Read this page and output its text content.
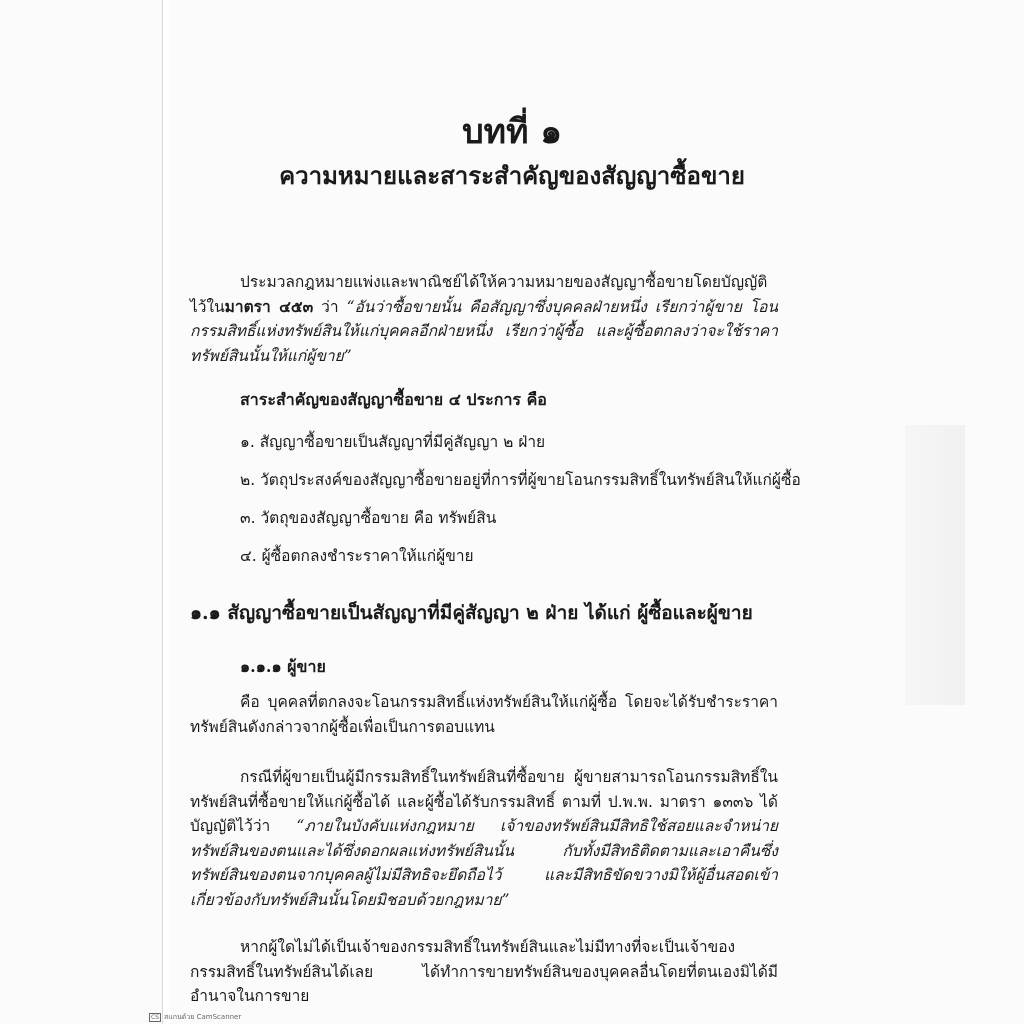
บทที่ ๑
ความหมายและสาระสำคัญของสัญญาซื้อขาย

ประมวลกฎหมายแพ่งและพาณิชย์ได้ให้ความหมายของสัญญาซื้อขายโดยบัญญัติไว้ในมาตรา ๔๕๓ ว่า “อันว่าซื้อขายนั้น คือสัญญาซึ่งบุคคลฝ่ายหนึ่ง เรียกว่าผู้ขาย โอนกรรมสิทธิ์แห่งทรัพย์สินให้แก่บุคคลอีกฝ่ายหนึ่ง เรียกว่าผู้ซื้อ และผู้ซื้อตกลงว่าจะใช้ราคาทรัพย์สินนั้นให้แก่ผู้ขาย”

สาระสำคัญของสัญญาซื้อขาย ๔ ประการ คือ

๑. สัญญาซื้อขายเป็นสัญญาที่มีคู่สัญญา ๒ ฝ่าย

๒. วัตถุประสงค์ของสัญญาซื้อขายอยู่ที่การที่ผู้ขายโอนกรรมสิทธิ์ในทรัพย์สินให้แก่ผู้ซื้อ

๓. วัตถุของสัญญาซื้อขาย คือ ทรัพย์สิน

๔. ผู้ซื้อตกลงชำระราคาให้แก่ผู้ขาย

๑.๑ สัญญาซื้อขายเป็นสัญญาที่มีคู่สัญญา ๒ ฝ่าย ได้แก่ ผู้ซื้อและผู้ขาย

๑.๑.๑ ผู้ขาย

คือ บุคคลที่ตกลงจะโอนกรรมสิทธิ์แห่งทรัพย์สินให้แก่ผู้ซื้อ โดยจะได้รับชำระราคาทรัพย์สินดังกล่าวจากผู้ซื้อเพื่อเป็นการตอบแทน

กรณีที่ผู้ขายเป็นผู้มีกรรมสิทธิ์ในทรัพย์สินที่ซื้อขาย ผู้ขายสามารถโอนกรรมสิทธิ์ในทรัพย์สินที่ซื้อขายให้แก่ผู้ซื้อได้ และผู้ซื้อได้รับกรรมสิทธิ์ ตามที่ ป.พ.พ. มาตรา ๑๓๓๖ ได้บัญญัติไว้ว่า “ภายในบังคับแห่งกฎหมาย เจ้าของทรัพย์สินมีสิทธิใช้สอยและจำหน่ายทรัพย์สินของตนและได้ซึ่งดอกผลแห่งทรัพย์สินนั้น กับทั้งมีสิทธิติดตามและเอาคืนซึ่งทรัพย์สินของตนจากบุคคลผู้ไม่มีสิทธิจะยึดถือไว้ และมีสิทธิขัดขวางมิให้ผู้อื่นสอดเข้าเกี่ยวข้องกับทรัพย์สินนั้นโดยมิชอบด้วยกฎหมาย”

หากผู้ใดไม่ได้เป็นเจ้าของกรรมสิทธิ์ในทรัพย์สินและไม่มีทางที่จะเป็นเจ้าของกรรมสิทธิ์ในทรัพย์สินได้เลย ได้ทำการขายทรัพย์สินของบุคคลอื่นโดยที่ตนเองมิได้มีอำนาจในการขาย

CS สแกนด้วย CamScanner
